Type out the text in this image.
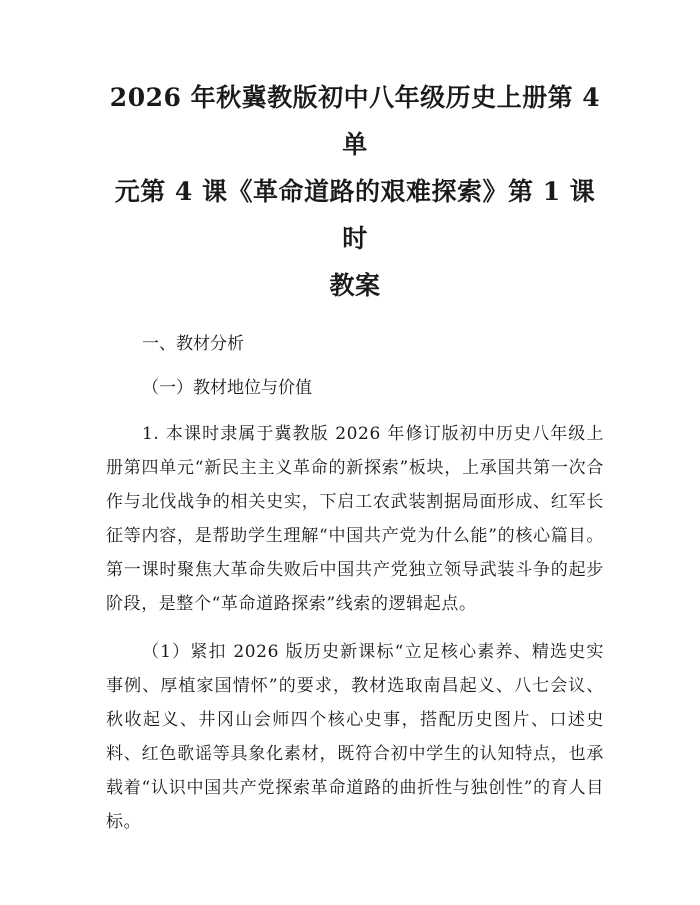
2026 年秋冀教版初中八年级历史上册第 4 单
元第 4 课《革命道路的艰难探索》第 1 课时
教案

一、教材分析

（一）教材地位与价值

1. 本课时隶属于冀教版 2026 年修订版初中历史八年级上册第四单元“新民主主义革命的新探索”板块，上承国共第一次合作与北伐战争的相关史实，下启工农武装割据局面形成、红军长征等内容，是帮助学生理解“中国共产党为什么能”的核心篇目。第一课时聚焦大革命失败后中国共产党独立领导武装斗争的起步阶段，是整个“革命道路探索”线索的逻辑起点。

（1）紧扣 2026 版历史新课标“立足核心素养、精选史实事例、厚植家国情怀”的要求，教材选取南昌起义、八七会议、秋收起义、井冈山会师四个核心史事，搭配历史图片、口述史料、红色歌谣等具象化素材，既符合初中学生的认知特点，也承载着“认识中国共产党探索革命道路的曲折性与独创性”的育人目标。
